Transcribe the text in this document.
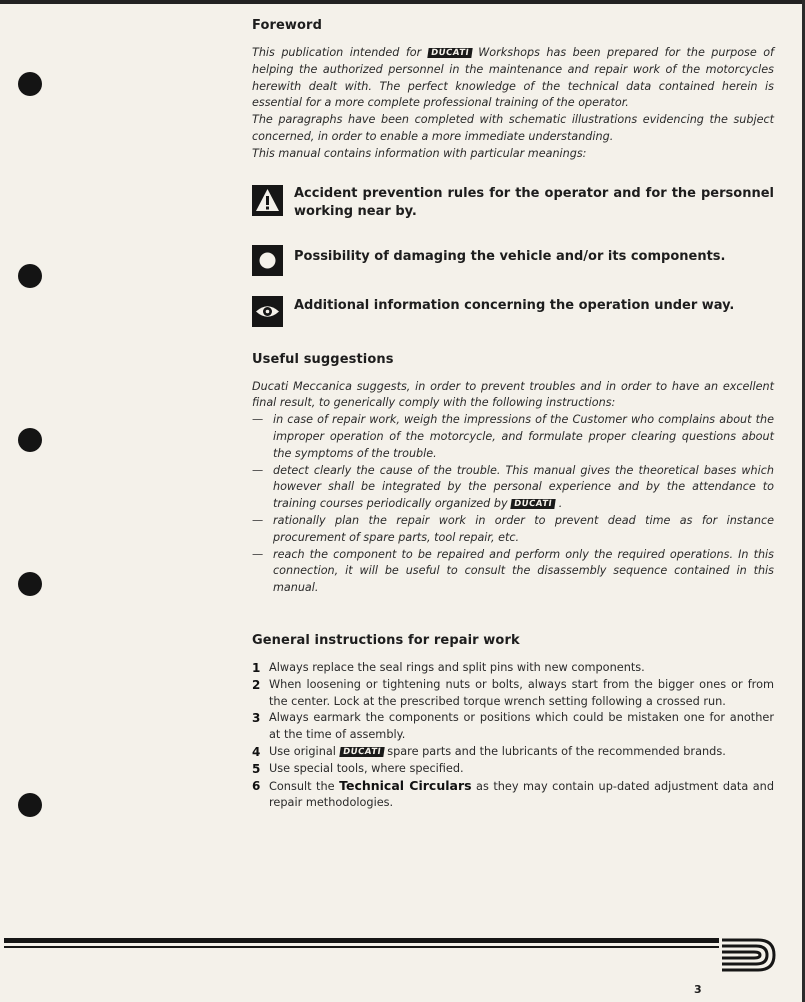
Foreword

This publication intended for DUCATI Workshops has been prepared for the purpose of helping the authorized personnel in the maintenance and repair work of the motorcycles herewith dealt with. The perfect knowledge of the technical data contained herein is essential for a more complete professional training of the operator.

The paragraphs have been completed with schematic illustrations evidencing the subject concerned, in order to enable a more immediate understanding.

This manual contains information with particular meanings:

Accident prevention rules for the operator and for the personnel working near by.
Possibility of damaging the vehicle and/or its components.
Additional information concerning the operation under way.
Useful suggestions

Ducati Meccanica suggests, in order to prevent troubles and in order to have an excellent final result, to generically comply with the following instructions:

— in case of repair work, weigh the impressions of the Customer who complains about the improper operation of the motorcycle, and formulate proper clearing questions about the symptoms of the trouble.
— detect clearly the cause of the trouble. This manual gives the theoretical bases which however shall be integrated by the personal experience and by the attendance to training courses periodically organized by DUCATI .
— rationally plan the repair work in order to prevent dead time as for instance procurement of spare parts, tool repair, etc.
— reach the component to be repaired and perform only the required operations. In this connection, it will be useful to consult the disassembly sequence contained in this manual.
General instructions for repair work
1 Always replace the seal rings and split pins with new components.
2 When loosening or tightening nuts or bolts, always start from the bigger ones or from the center. Lock at the prescribed torque wrench setting following a crossed run.
3 Always earmark the components or positions which could be mistaken one for another at the time of assembly.
4 Use original DUCATI spare parts and the lubricants of the recommended brands.
5 Use special tools, where specified.
6 Consult the Technical Circulars as they may contain up-dated adjustment data and repair methodologies.
3
